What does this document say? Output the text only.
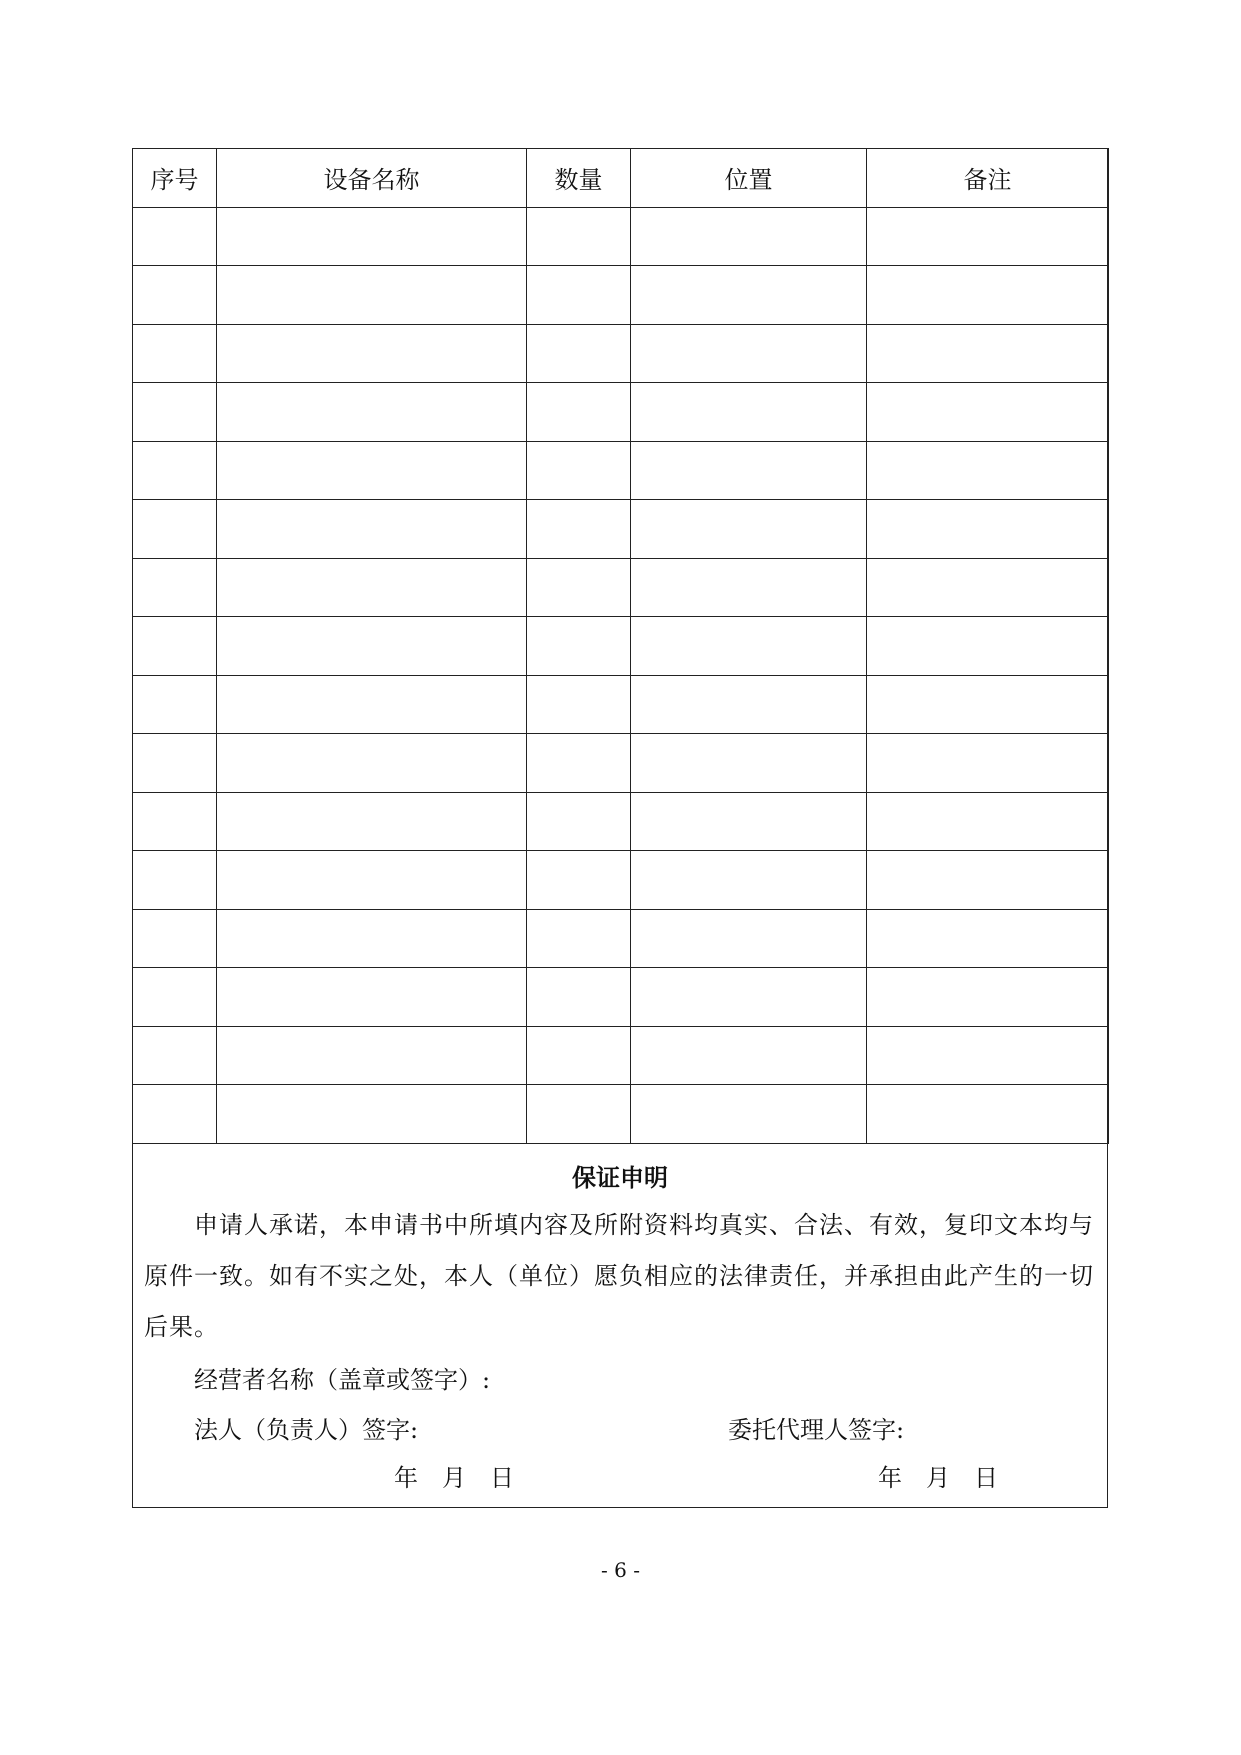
序号	设备名称	数量	位置	备注

保证申明
申请人承诺，本申请书中所填内容及所附资料均真实、合法、有效，复印文本均与原件一致。如有不实之处，本人（单位）愿负相应的法律责任，并承担由此产生的一切后果。
经营者名称（盖章或签字）:
法人（负责人）签字:	委托代理人签字:
年　月　日	年　月　日
- 6 -
